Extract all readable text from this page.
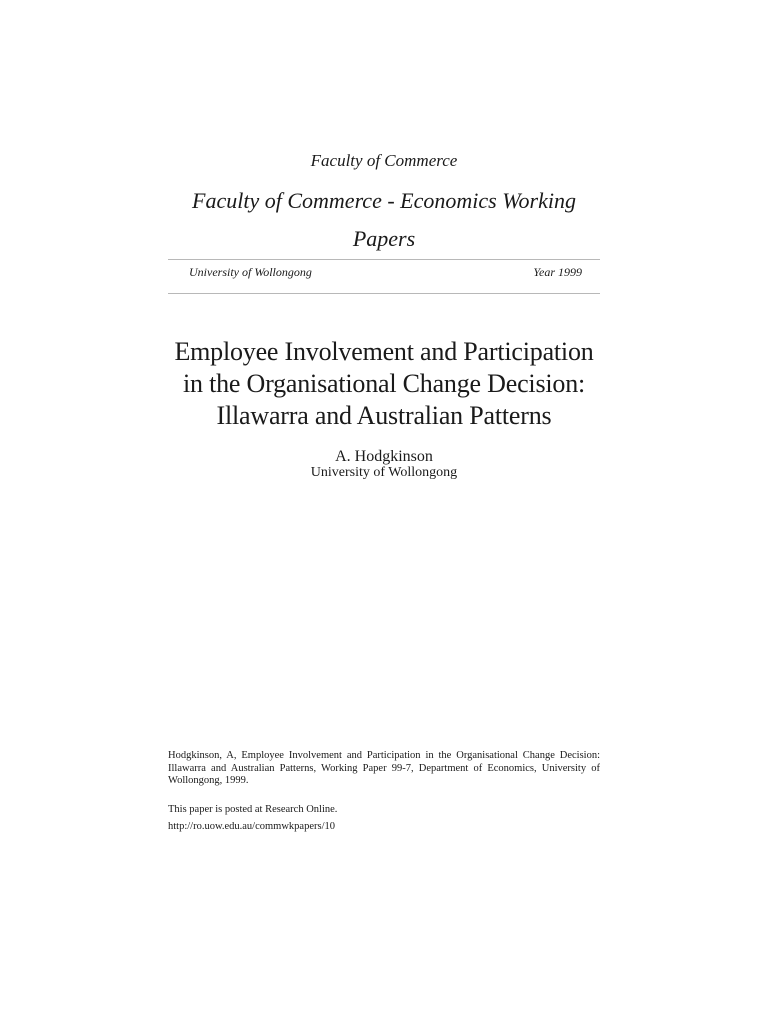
Faculty of Commerce
Faculty of Commerce - Economics Working
Papers
University of Wollongong	Year 1999
Employee Involvement and Participation
in the Organisational Change Decision:
Illawarra and Australian Patterns
A. Hodgkinson
University of Wollongong
Hodgkinson, A, Employee Involvement and Participation in the Organisational Change Decision: Illawarra and Australian Patterns, Working Paper 99-7, Department of Economics, University of Wollongong, 1999.
This paper is posted at Research Online.
http://ro.uow.edu.au/commwkpapers/10
